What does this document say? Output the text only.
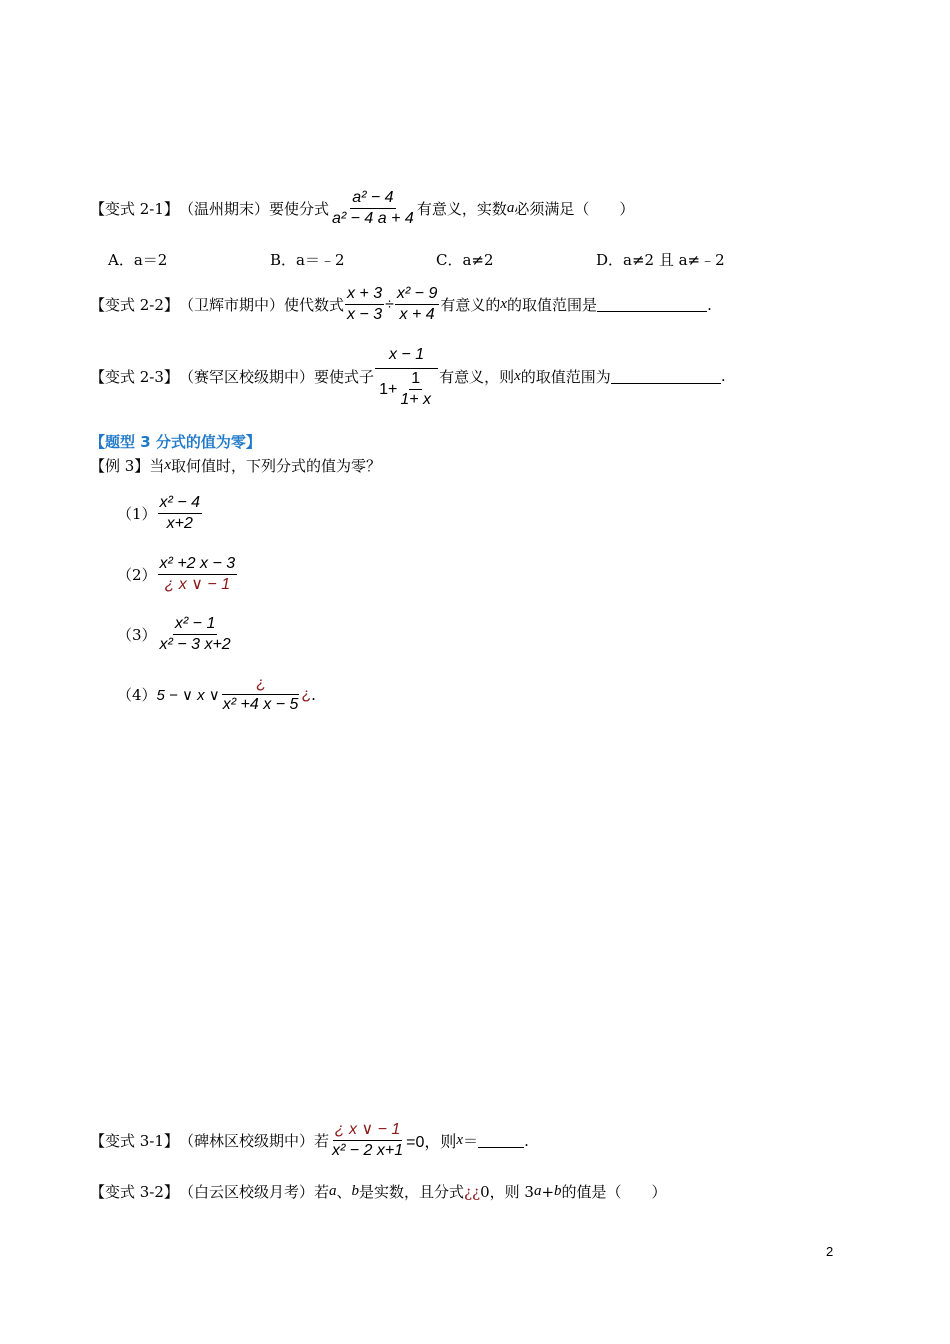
【变式 2-1】 （温州期末） 要使分式 $\frac{\text{a² − 4}}{\text{a² − 4 a + 4}}$ 有意义，实数 a 必须满足（　　）
A．a＝2	B．a＝﹣2	C．a≠2	D．a≠2 且 a≠﹣2
【变式 2-2】 （卫辉市期中） 使代数式 $\frac{x + 3}{x - 3} \div \frac{\text{x² − 9}}{x + 4}$ 有意义的 x 的取值范围是	.
【变式 2-3】 （赛罕区校级期中） 要使式子 $\frac{x - 1}{1+ \frac{1}{1+ x}}$ 有意义，则 x 的取值范围为	.
【题型 3 分式的值为零】
【例 3】 当 x 取何值时，下列分式的值为零？
$(1) \frac{\text{x² − 4}}{x+2}$
$(2) \frac{\text{x² +2 x − 3}}{¿ x \vee - 1}$
$(3) \frac{\text{x² − 1}}{\text{x² − 3 x+2}}$
（4） 5 − ∨ x ∨ $\frac{¿}{\text{x² +4 x − 5}}$ ¿ .
【变式 3-1】 （碑林区校级期中） 若 $\frac{¿ x \vee - 1}{\text{x² − 2 x+1}} =0$，则 x ＝	.
【变式 3-2】 （白云区校级月考） 若 a 、 b 是实数，且分式 ¿¿ 0，则 3 a + b 的值是（　　）
2
